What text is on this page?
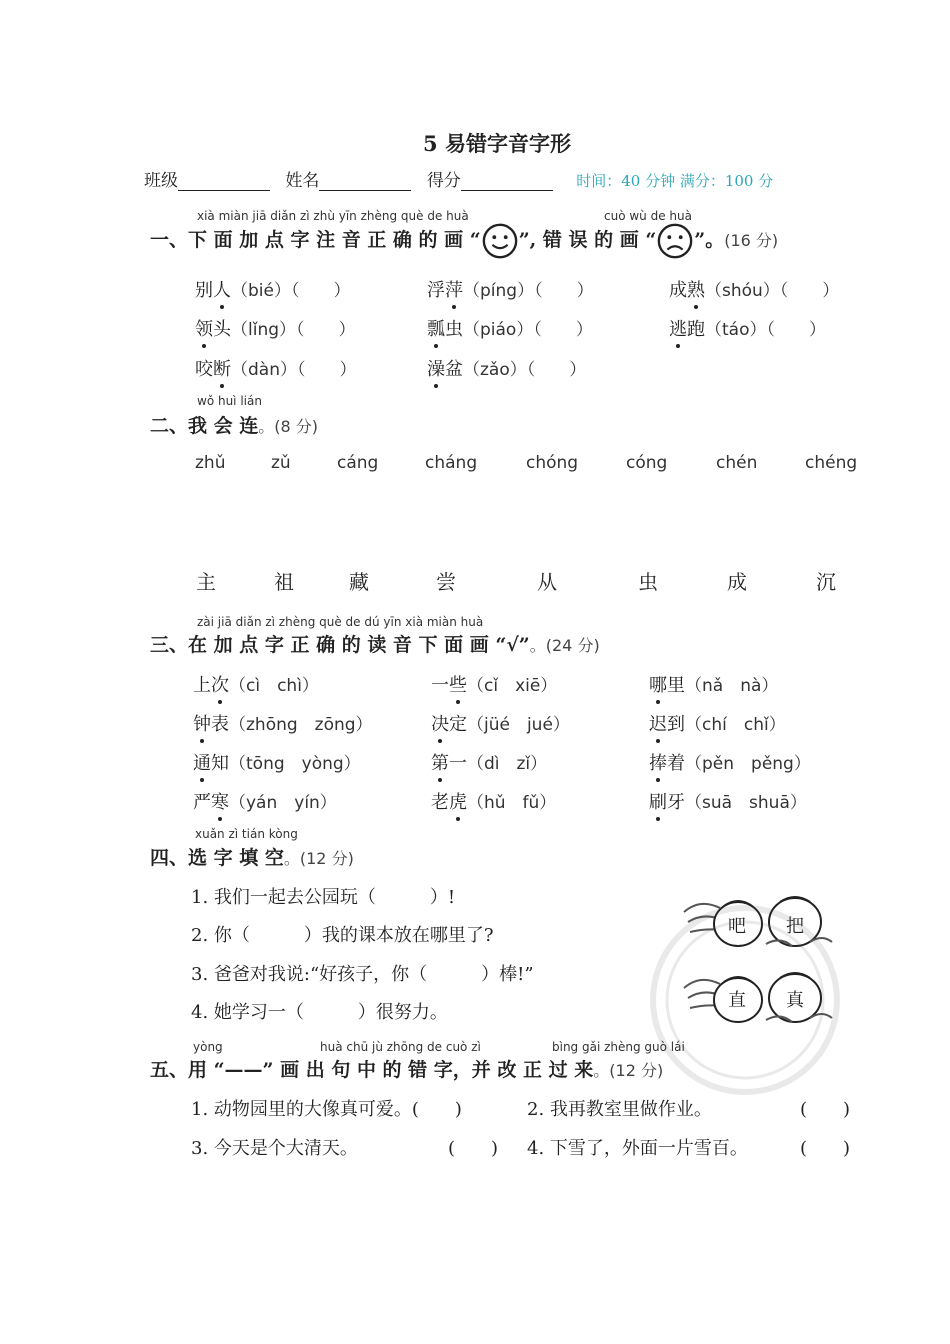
5 易错字音字形
班级	姓名	得分	时间：40 分钟 满分：100 分
xià miàn jiā diǎn zì zhù yīn zhèng què de huà	cuò wù de huà
一、下 面 加 点 字 注 音 正 确 的 画 “ ”, 错 误 的 画 “ ”。(16 分)
别人（bié）（　　）	浮萍（píng）（　　）	成熟（shóu）（　　）
领头（lǐng）（　　）	瓢虫（piáo）（　　）	逃跑（táo）（　　）
咬断（dàn）（　　）	澡盆（zǎo）（　　）
wǒ huì lián
二、我 会 连。(8 分)
zhǔ	zǔ	cáng	cháng	chóng	cóng	chén	chéng
主	祖	藏	尝	从	虫	成	沉
zài jiā diǎn zì zhèng què de dú yīn xià miàn huà
三、在 加 点 字 正 确 的 读 音 下 面 画 “√”。(24 分)
上次（cì　chì）	一些（cǐ　xiē）	哪里（nǎ　nà）
钟表（zhōng　zōng）	决定（jüé　jué）	迟到（chí　chǐ）
通知（tōng　yòng）	第一（dì　zǐ）	捧着（pěn　pěng）
严寒（yán　yín）	老虎（hǔ　fǔ）	刷牙（suā　shuā）
xuǎn zì tián kòng
四、选 字 填 空。(12 分)
1. 我们一起去公园玩（　　　）!
2. 你（　　　）我的课本放在哪里了?
3. 爸爸对我说:“好孩子，你（　　　）棒!”
4. 她学习一（　　　）很努力。
吧 把
直 真
yòng	huà chū jù zhōng de cuò zì	bìng gǎi zhèng guò lái
五、用 “——” 画 出 句 中 的 错 字，并 改 正 过 来。(12 分)
1. 动物园里的大像真可爱。(　　)	2. 我再教室里做作业。	(　　)
3. 今天是个大清天。	(　　) 4. 下雪了，外面一片雪百。	(　　)
